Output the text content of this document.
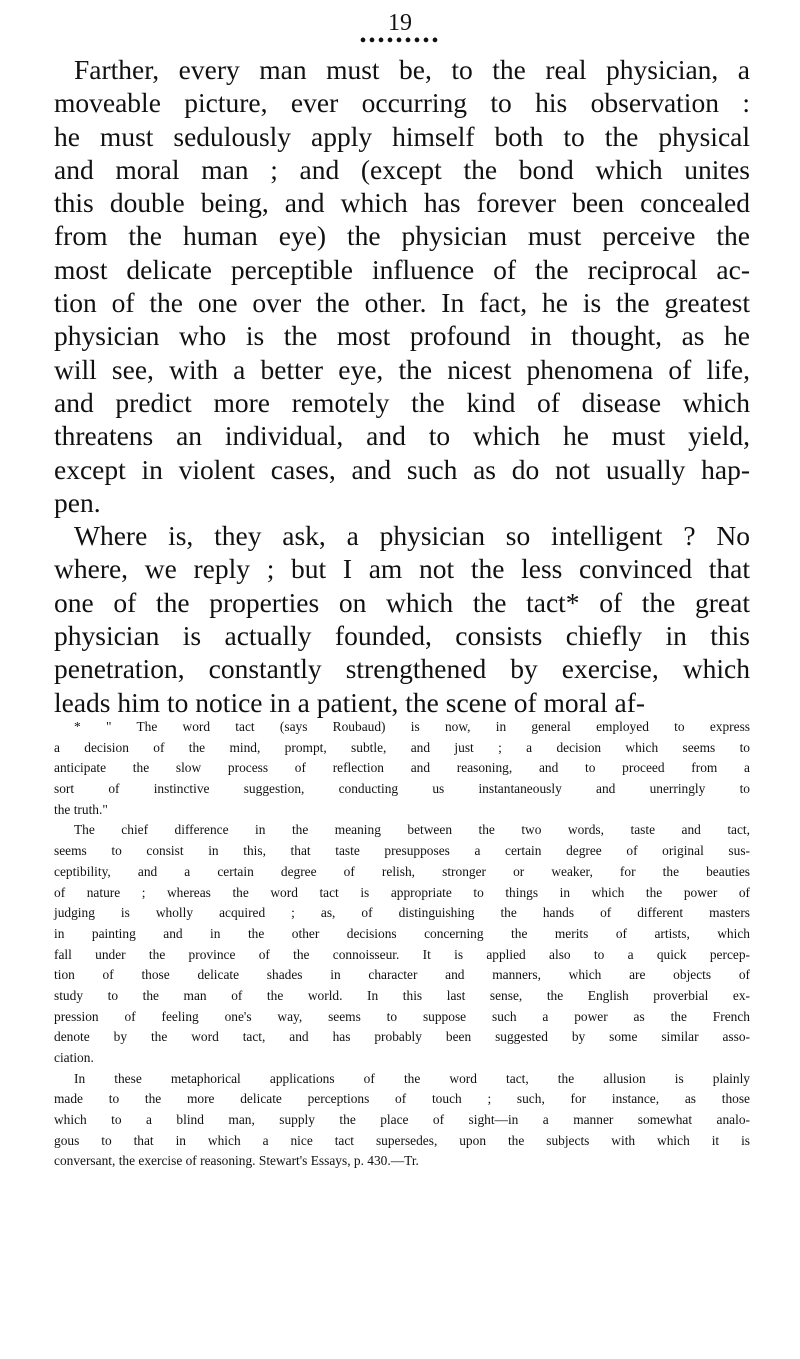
19
•••••••••
Farther, every man must be, to the real physician, a
moveable picture, ever occurring to his observation :
he must sedulously apply himself both to the physical
and moral man ; and (except the bond which unites
this double being, and which has forever been concealed
from the human eye) the physician must perceive the
most delicate perceptible influence of the reciprocal ac-
tion of the one over the other. In fact, he is the greatest
physician who is the most profound in thought, as he
will see, with a better eye, the nicest phenomena of life,
and predict more remotely the kind of disease which
threatens an individual, and to which he must yield,
except in violent cases, and such as do not usually hap-
pen.
Where is, they ask, a physician so intelligent ? No
where, we reply ; but I am not the less convinced that
one of the properties on which the tact* of the great
physician is actually founded, consists chiefly in this
penetration, constantly strengthened by exercise, which
leads him to notice in a patient, the scene of moral af-
* " The word tact (says Roubaud) is now, in general employed to express
a decision of the mind, prompt, subtle, and just ; a decision which seems to
anticipate the slow process of reflection and reasoning, and to proceed from a
sort of instinctive suggestion, conducting us instantaneously and unerringly to
the truth."
The chief difference in the meaning between the two words, taste and tact,
seems to consist in this, that taste presupposes a certain degree of original sus-
ceptibility, and a certain degree of relish, stronger or weaker, for the beauties
of nature ; whereas the word tact is appropriate to things in which the power of
judging is wholly acquired ; as, of distinguishing the hands of different masters
in painting and in the other decisions concerning the merits of artists, which
fall under the province of the connoisseur. It is applied also to a quick percep-
tion of those delicate shades in character and manners, which are objects of
study to the man of the world. In this last sense, the English proverbial ex-
pression of feeling one's way, seems to suppose such a power as the French
denote by the word tact, and has probably been suggested by some similar asso-
ciation.
In these metaphorical applications of the word tact, the allusion is plainly
made to the more delicate perceptions of touch ; such, for instance, as those
which to a blind man, supply the place of sight—in a manner somewhat analo-
gous to that in which a nice tact supersedes, upon the subjects with which it is
conversant, the exercise of reasoning. Stewart's Essays, p. 430.—Tr.
